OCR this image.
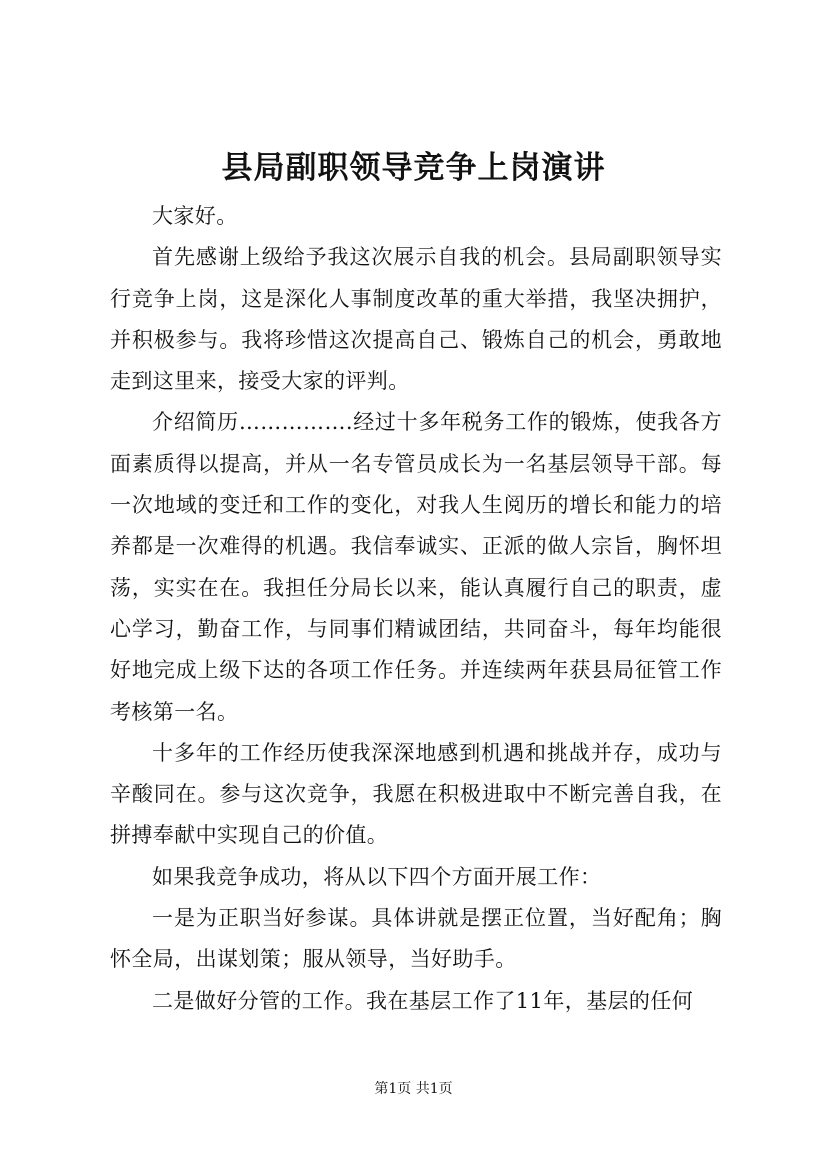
县局副职领导竞争上岗演讲

大家好。

首先感谢上级给予我这次展示自我的机会。县局副职领导实行竞争上岗，这是深化人事制度改革的重大举措，我坚决拥护，并积极参与。我将珍惜这次提高自己、锻炼自己的机会，勇敢地走到这里来，接受大家的评判。

介绍简历…………….经过十多年税务工作的锻炼，使我各方面素质得以提高，并从一名专管员成长为一名基层领导干部。每一次地域的变迁和工作的变化，对我人生阅历的增长和能力的培养都是一次难得的机遇。我信奉诚实、正派的做人宗旨，胸怀坦荡，实实在在。我担任分局长以来，能认真履行自己的职责，虚心学习，勤奋工作，与同事们精诚团结，共同奋斗，每年均能很好地完成上级下达的各项工作任务。并连续两年获县局征管工作考核第一名。

十多年的工作经历使我深深地感到机遇和挑战并存，成功与辛酸同在。参与这次竞争，我愿在积极进取中不断完善自我，在拼搏奉献中实现自己的价值。

如果我竞争成功，将从以下四个方面开展工作：

一是为正职当好参谋。具体讲就是摆正位置，当好配角；胸怀全局，出谋划策；服从领导，当好助手。

二是做好分管的工作。我在基层工作了11年，基层的任何

第1页 共1页
